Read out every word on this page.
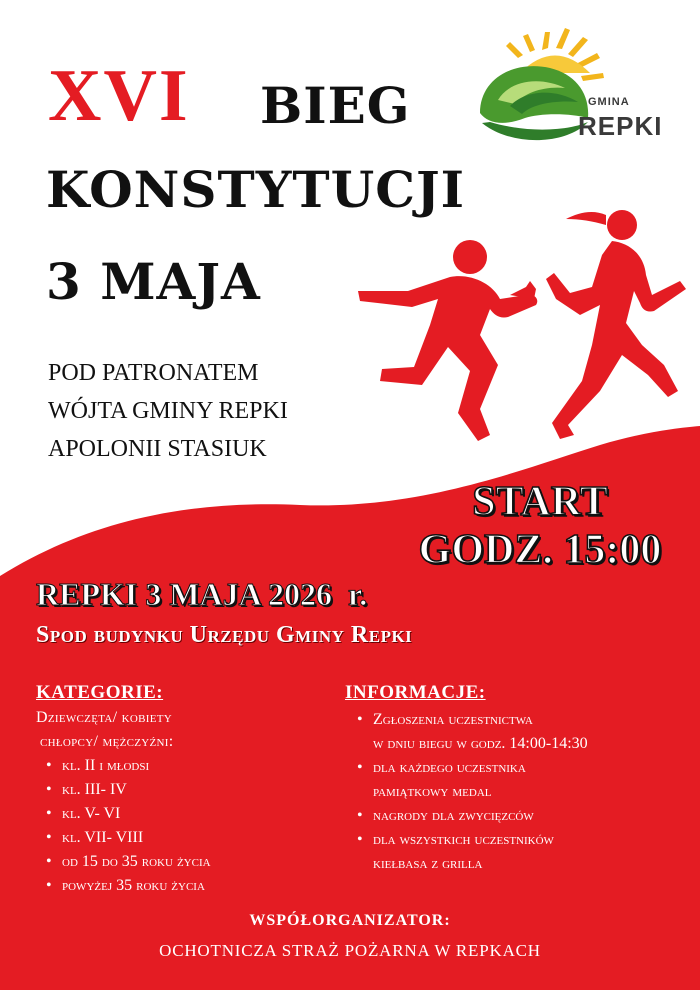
GMINA
REPKI
XVI BIEG
KONSTYTUCJI
3 MAJA
POD PATRONATEM
WÓJTA GMINY REPKI
APOLONII STASIUK
START
GODZ. 15:00
REPKI 3 MAJA 2026  r.
Spod budynku Urzędu Gminy Repki
KATEGORIE:
Dziewczęta/ kobiety
chłopcy/ mężczyźni:
• kl. II i młodsi
• kl. III- IV
• kl. V- VI
• kl. VII- VIII
• od 15 do 35 roku życia
• powyżej 35 roku życia
INFORMACJE:
• Zgłoszenia uczestnictwa
w dniu biegu w godz. 14:00-14:30
• dla każdego uczestnika
pamiątkowy medal
• nagrody dla zwycięzców
• dla wszystkich uczestników
kiełbasa z grilla
WSPÓŁORGANIZATOR:
OCHOTNICZA STRAŻ POŻARNA W REPKACH
